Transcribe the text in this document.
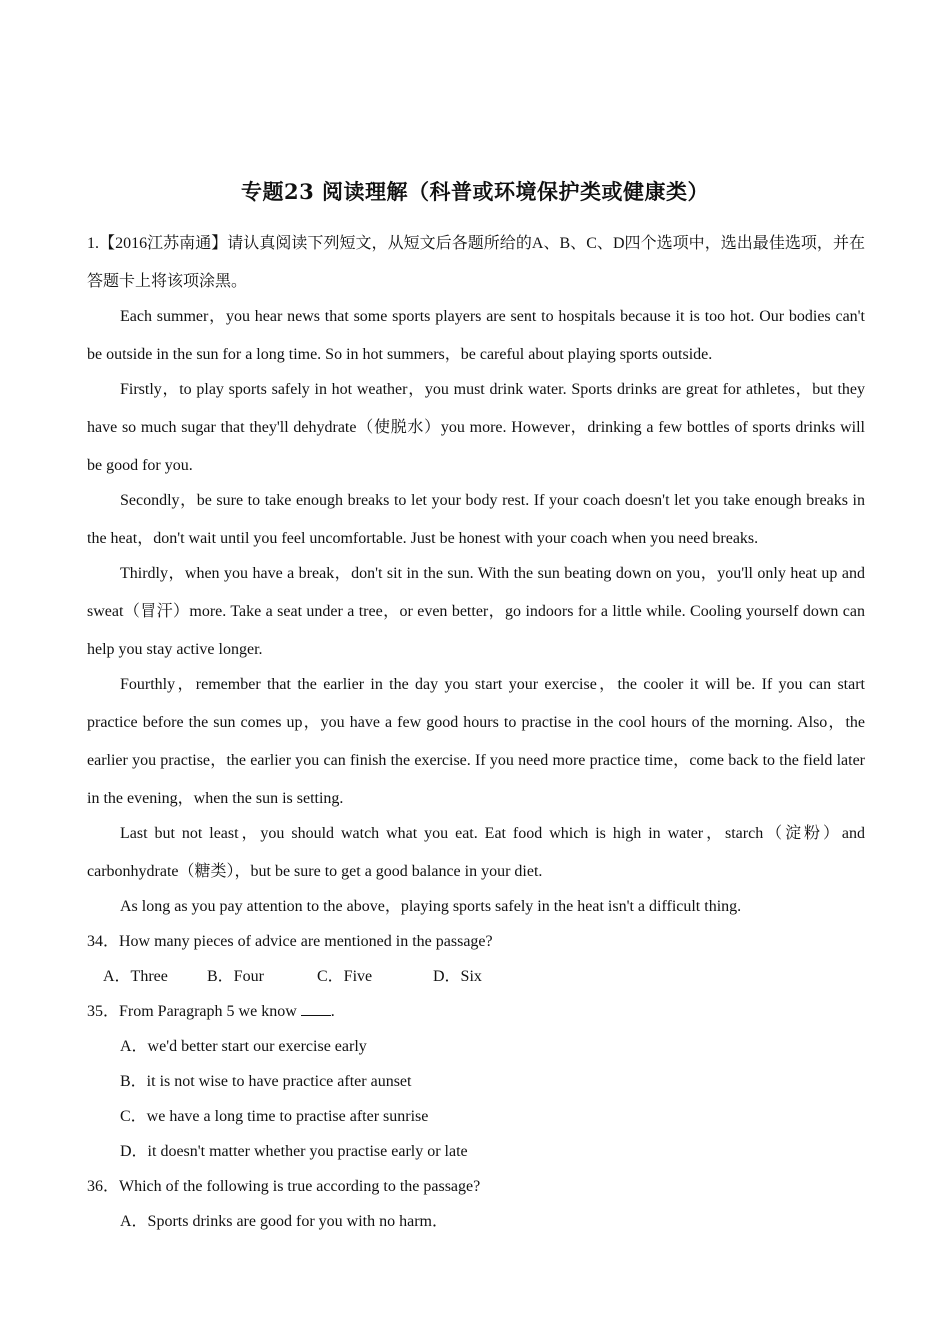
专题23 阅读理解（科普或环境保护类或健康类）

1.【2016江苏南通】请认真阅读下列短文，从短文后各题所给的A、B、C、D四个选项中，选出最佳选项，并在答题卡上将该项涂黑。

Each summer，you hear news that some sports players are sent to hospitals because it is too hot. Our bodies can't be outside in the sun for a long time. So in hot summers，be careful about playing sports outside.

Firstly，to play sports safely in hot weather，you must drink water. Sports drinks are great for athletes，but they have so much sugar that they'll dehydrate（使脱水）you more. However，drinking a few bottles of sports drinks will be good for you.

Secondly，be sure to take enough breaks to let your body rest. If your coach doesn't let you take enough breaks in the heat，don't wait until you feel uncomfortable. Just be honest with your coach when you need breaks.

Thirdly，when you have a break，don't sit in the sun. With the sun beating down on you，you'll only heat up and sweat（冒汗）more. Take a seat under a tree，or even better，go indoors for a little while. Cooling yourself down can help you stay active longer.

Fourthly，remember that the earlier in the day you start your exercise，the cooler it will be. If you can start practice before the sun comes up，you have a few good hours to practise in the cool hours of the morning. Also，the earlier you practise，the earlier you can finish the exercise. If you need more practice time，come back to the field later in the evening，when the sun is setting.

Last but not least，you should watch what you eat. Eat food which is high in water，starch（淀粉）and carbonhydrate（糖类），but be sure to get a good balance in your diet.

As long as you pay attention to the above，playing sports safely in the heat isn't a difficult thing.

34．How many pieces of advice are mentioned in the passage?

A．Three	B．Four	C．Five	D．Six

35．From Paragraph 5 we know .

A．we'd better start our exercise early
B．it is not wise to have practice after aunset
C．we have a long time to practise after sunrise
D．it doesn't matter whether you practise early or late

36．Which of the following is true according to the passage?

A．Sports drinks are good for you with no harm．
